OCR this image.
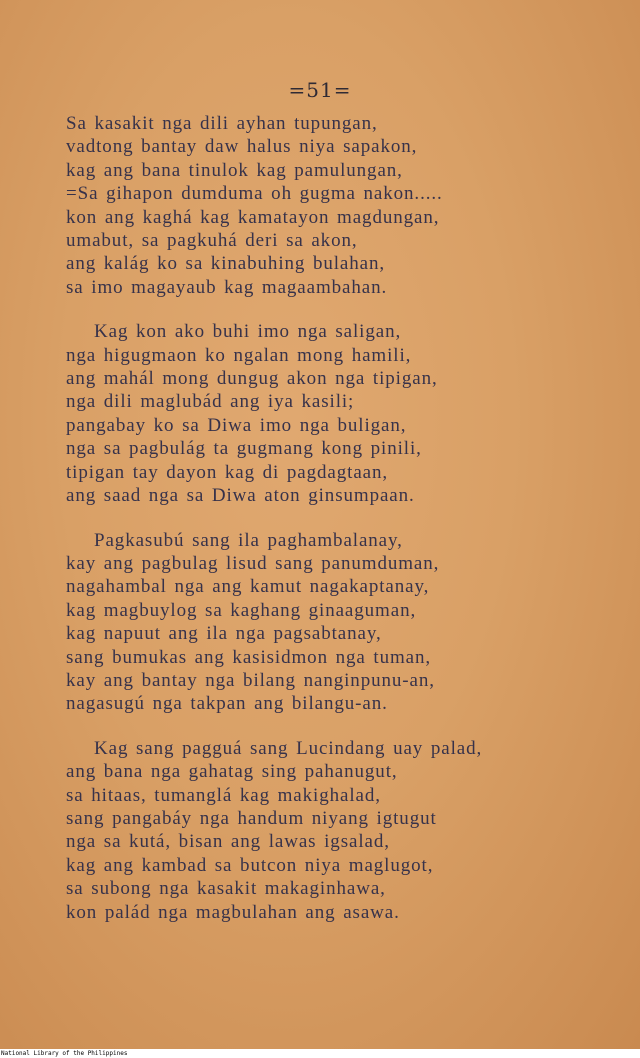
=51=
Sa kasakit nga dili ayhan tupungan,
vadtong bantay daw halus niya sapakon,
kag ang bana tinulok kag pamulungan,
=Sa gihapon dumduma oh gugma nakon.....
kon ang kaghá kag kamatayon magdungan,
umabut, sa pagkuhá deri sa akon,
ang kalág ko sa kinabuhing bulahan,
sa imo magayaub kag magaambahan.
Kag kon ako buhi imo nga saligan,
nga higugmaon ko ngalan mong hamili,
ang mahál mong dungug akon nga tipigan,
nga dili maglubád ang iya kasili;
pangabay ko sa Diwa imo nga buligan,
nga sa pagbulág ta gugmang kong pinili,
tipigan tay dayon kag di pagdagtaan,
ang saad nga sa Diwa aton ginsumpaan.
Pagkasubú sang ila paghambalanay,
kay ang pagbulag lisud sang panumduman,
nagahambal nga ang kamut nagakaptanay,
kag magbuylog sa kaghang ginaaguman,
kag napuut ang ila nga pagsabtanay,
sang bumukas ang kasisidmon nga tuman,
kay ang bantay nga bilang nanginpunu-an,
nagasugú nga takpan ang bilangu-an.
Kag sang pagguá sang Lucindang uay palad,
ang bana nga gahatag sing pahanugut,
sa hitaas, tumanglá kag makighalad,
sang pangabáy nga handum niyang igtugut
nga sa kutá, bisan ang lawas igsalad,
kag ang kambad sa butcon niya maglugot,
sa subong nga kasakit makaginhawa,
kon palád nga magbulahan ang asawa.
National Library of the Philippines
